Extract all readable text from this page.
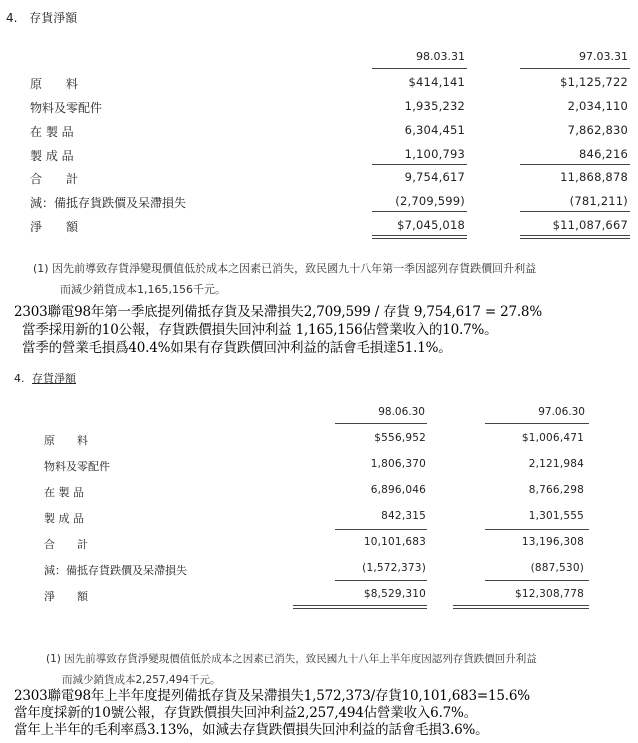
4. 存貨淨額
98.03.31	97.03.31
原　　料	$414,141	$1,125,722
物料及零配件	1,935,232	2,034,110
在 製 品	6,304,451	7,862,830
製 成 品	1,100,793	846,216
合　　計	9,754,617	11,868,878
減：備抵存貨跌價及呆滯損失	(2,709,599)	(781,211)
淨　　額	$7,045,018	$11,087,667
(1) 因先前導致存貨淨變現價值低於成本之因素已消失，致民國九十八年第一季因認列存貨跌價回升利益
而減少銷貨成本1,165,156千元。
2303聯電98年第一季底提列備抵存貨及呆滯損失2,709,599 / 存貨 9,754,617 = 27.8%
當季採用新的10公報，存貨跌價損失回沖利益 1,165,156佔營業收入的10.7%。
當季的營業毛損爲40.4%如果有存貨跌價回沖利益的話會毛損達51.1%。
4. 存貨淨額
98.06.30	97.06.30
原　　料	$556,952	$1,006,471
物料及零配件	1,806,370	2,121,984
在 製 品	6,896,046	8,766,298
製 成 品	842,315	1,301,555
合　　計	10,101,683	13,196,308
減：備抵存貨跌價及呆滯損失	(1,572,373)	(887,530)
淨　　額	$8,529,310	$12,308,778
(1) 因先前導致存貨淨變現價值低於成本之因素已消失，致民國九十八年上半年度因認列存貨跌價回升利益
而減少銷貨成本2,257,494千元。
2303聯電98年上半年度提列備抵存貨及呆滯損失1,572,373/存貨10,101,683=15.6%
當年度採新的10號公報，存貨跌價損失回沖利益2,257,494佔營業收入6.7%。
當年上半年的毛利率爲3.13%，如減去存貨跌價損失回沖利益的話會毛損3.6%。
